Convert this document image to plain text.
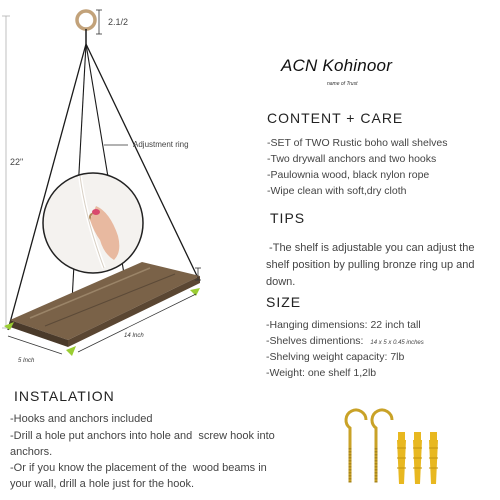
2.1/2
22"
Adjustment ring
14 Inch
5 Inch
ACN Kohinoor
name of Trust
CONTENT + CARE
-SET of TWO Rustic boho wall shelves
-Two drywall anchors and two hooks
-Paulownia wood, black nylon rope
-Wipe clean with soft,dry cloth
TIPS
-The shelf is adjustable you can adjust the
shelf position by pulling bronze ring up and
down.
SIZE
-Hanging dimensions: 22 inch tall
-Shelves dimentions: 14 x 5 x 0.45 inches
-Shelving weight capacity: 7lb
-Weight: one shelf 1,2lb
INSTALATION
-Hooks and anchors included
-Drill a hole put anchors into hole and  screw hook into
anchors.
-Or if you know the placement of the  wood beams in
your wall, drill a hole just for the hook.
